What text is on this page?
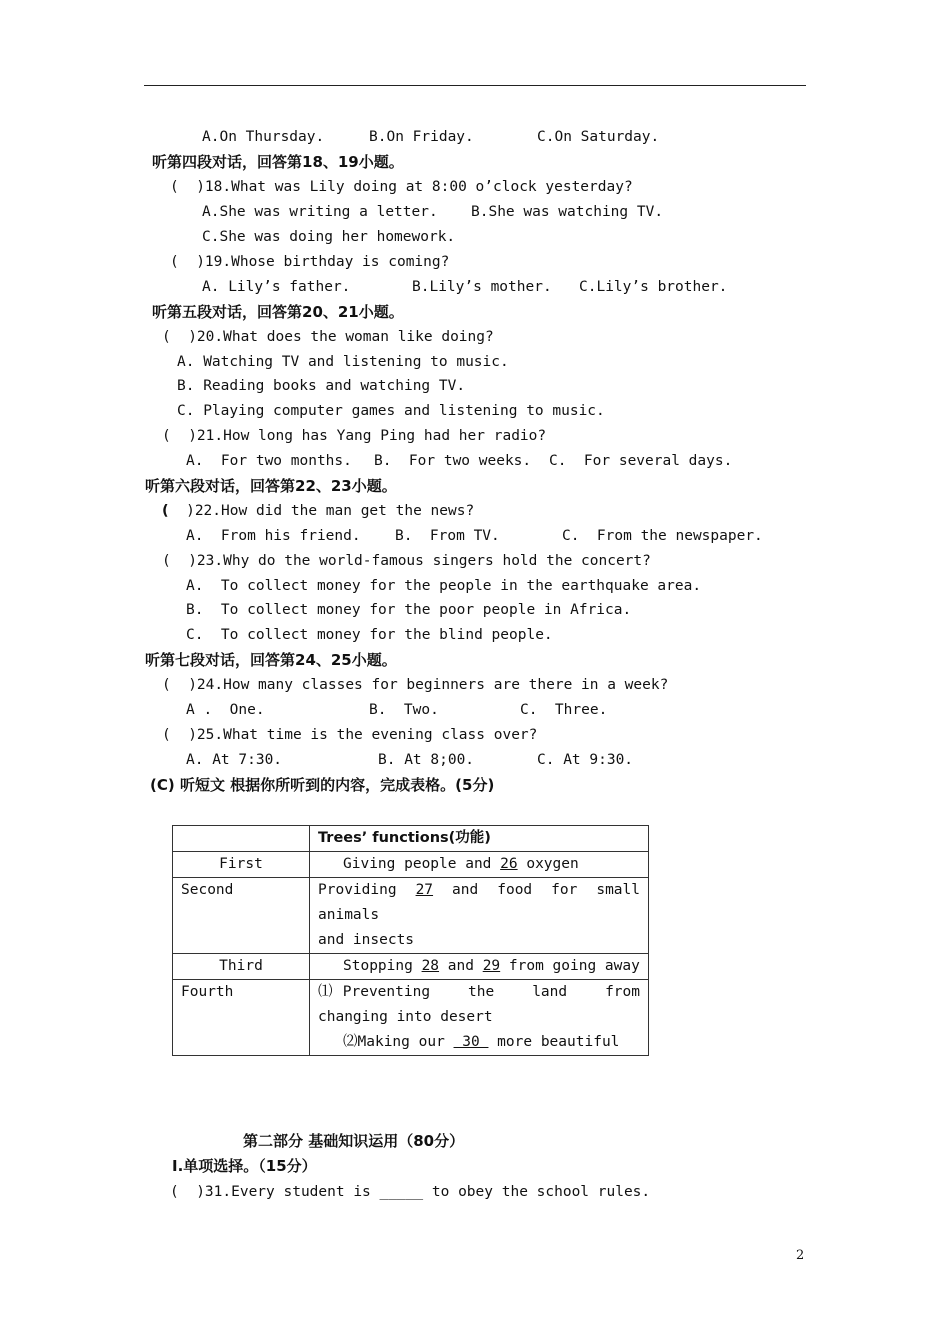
A.On Thursday.	B.On Friday.	C.On Saturday.
听第四段对话，回答第18、19小题。
(  )18.What was Lily doing at 8:00 o’clock yesterday?
A.She was writing a letter. B.She was watching TV.
C.She was doing her homework.
(  )19.Whose birthday is coming?
A. Lily’s father.	B.Lily’s mother. C.Lily’s brother.
听第五段对话，回答第20、21小题。
(  )20.What does the woman like doing?
A. Watching TV and listening to music.
B. Reading books and watching TV.
C. Playing computer games and listening to music.
(  )21.How long has Yang Ping had her radio?
A.  For two months. B.  For two weeks. C.  For several days.
听第六段对话，回答第22、23小题。
(  )22.How did the man get the news?
A.  From his friend. B.  From TV.	C.  From the newspaper.
(  )23.Why do the world-famous singers hold the concert?
A.  To collect money for the people in the earthquake area.
B.  To collect money for the poor people in Africa.
C.  To collect money for the blind people.
听第七段对话，回答第24、25小题。
(  )24.How many classes for beginners are there in a week?
A .  One.	B.  Two.	C.  Three.
(  )25.What time is the evening class over?
A. At 7:30.	B. At 8;00.	C. At 9:30.
(C) 听短文 根据你所听到的内容，完成表格。(5分)
	Trees’ functions(功能)
First	Giving people and 26 oxygen
Second	Providing  27  and  food  for  small animals
and insects
Third	Stopping 28 and 29 from going away
Fourth	⑴Preventing  the  land  from  changing into desert
⑵Making our  30  more beautiful
第二部分 基础知识运用（80分）
Ⅰ.单项选择。（15分）
(  )31.Every student is _____ to obey the school rules.
2
